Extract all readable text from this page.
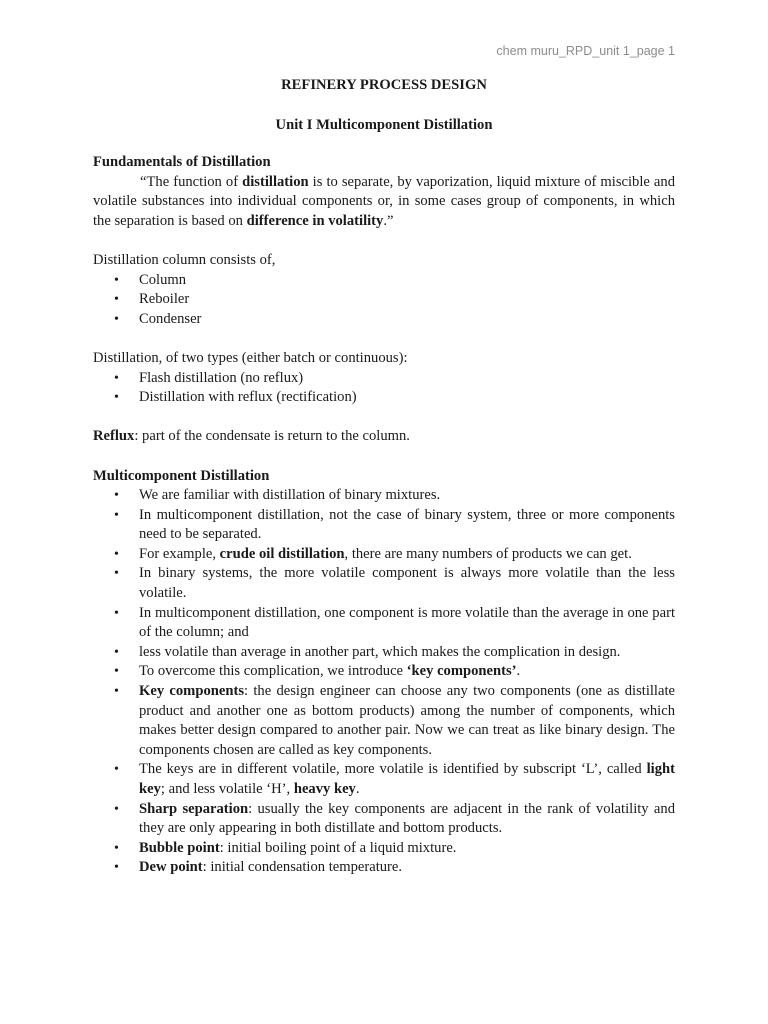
chem muru_RPD_unit 1_page 1
REFINERY PROCESS DESIGN
Unit I Multicomponent Distillation

Fundamentals of Distillation

“The function of distillation is to separate, by vaporization, liquid mixture of miscible and volatile substances into individual components or, in some cases group of components, in which the separation is based on difference in volatility.”

Distillation column consists of,

• Column
• Reboiler
• Condenser

Distillation, of two types (either batch or continuous):

• Flash distillation (no reflux)
• Distillation with reflux (rectification)

Reflux: part of the condensate is return to the column.

Multicomponent Distillation

• We are familiar with distillation of binary mixtures.
• In multicomponent distillation, not the case of binary system, three or more components need to be separated.
• For example, crude oil distillation, there are many numbers of products we can get.
• In binary systems, the more volatile component is always more volatile than the less volatile.
• In multicomponent distillation, one component is more volatile than the average in one part of the column; and
• less volatile than average in another part, which makes the complication in design.
• To overcome this complication, we introduce ‘key components’.
• Key components: the design engineer can choose any two components (one as distillate product and another one as bottom products) among the number of components, which makes better design compared to another pair. Now we can treat as like binary design. The components chosen are called as key components.
• The keys are in different volatile, more volatile is identified by subscript ‘L’, called light key; and less volatile ‘H’, heavy key.
• Sharp separation: usually the key components are adjacent in the rank of volatility and they are only appearing in both distillate and bottom products.
• Bubble point: initial boiling point of a liquid mixture.
• Dew point: initial condensation temperature.
